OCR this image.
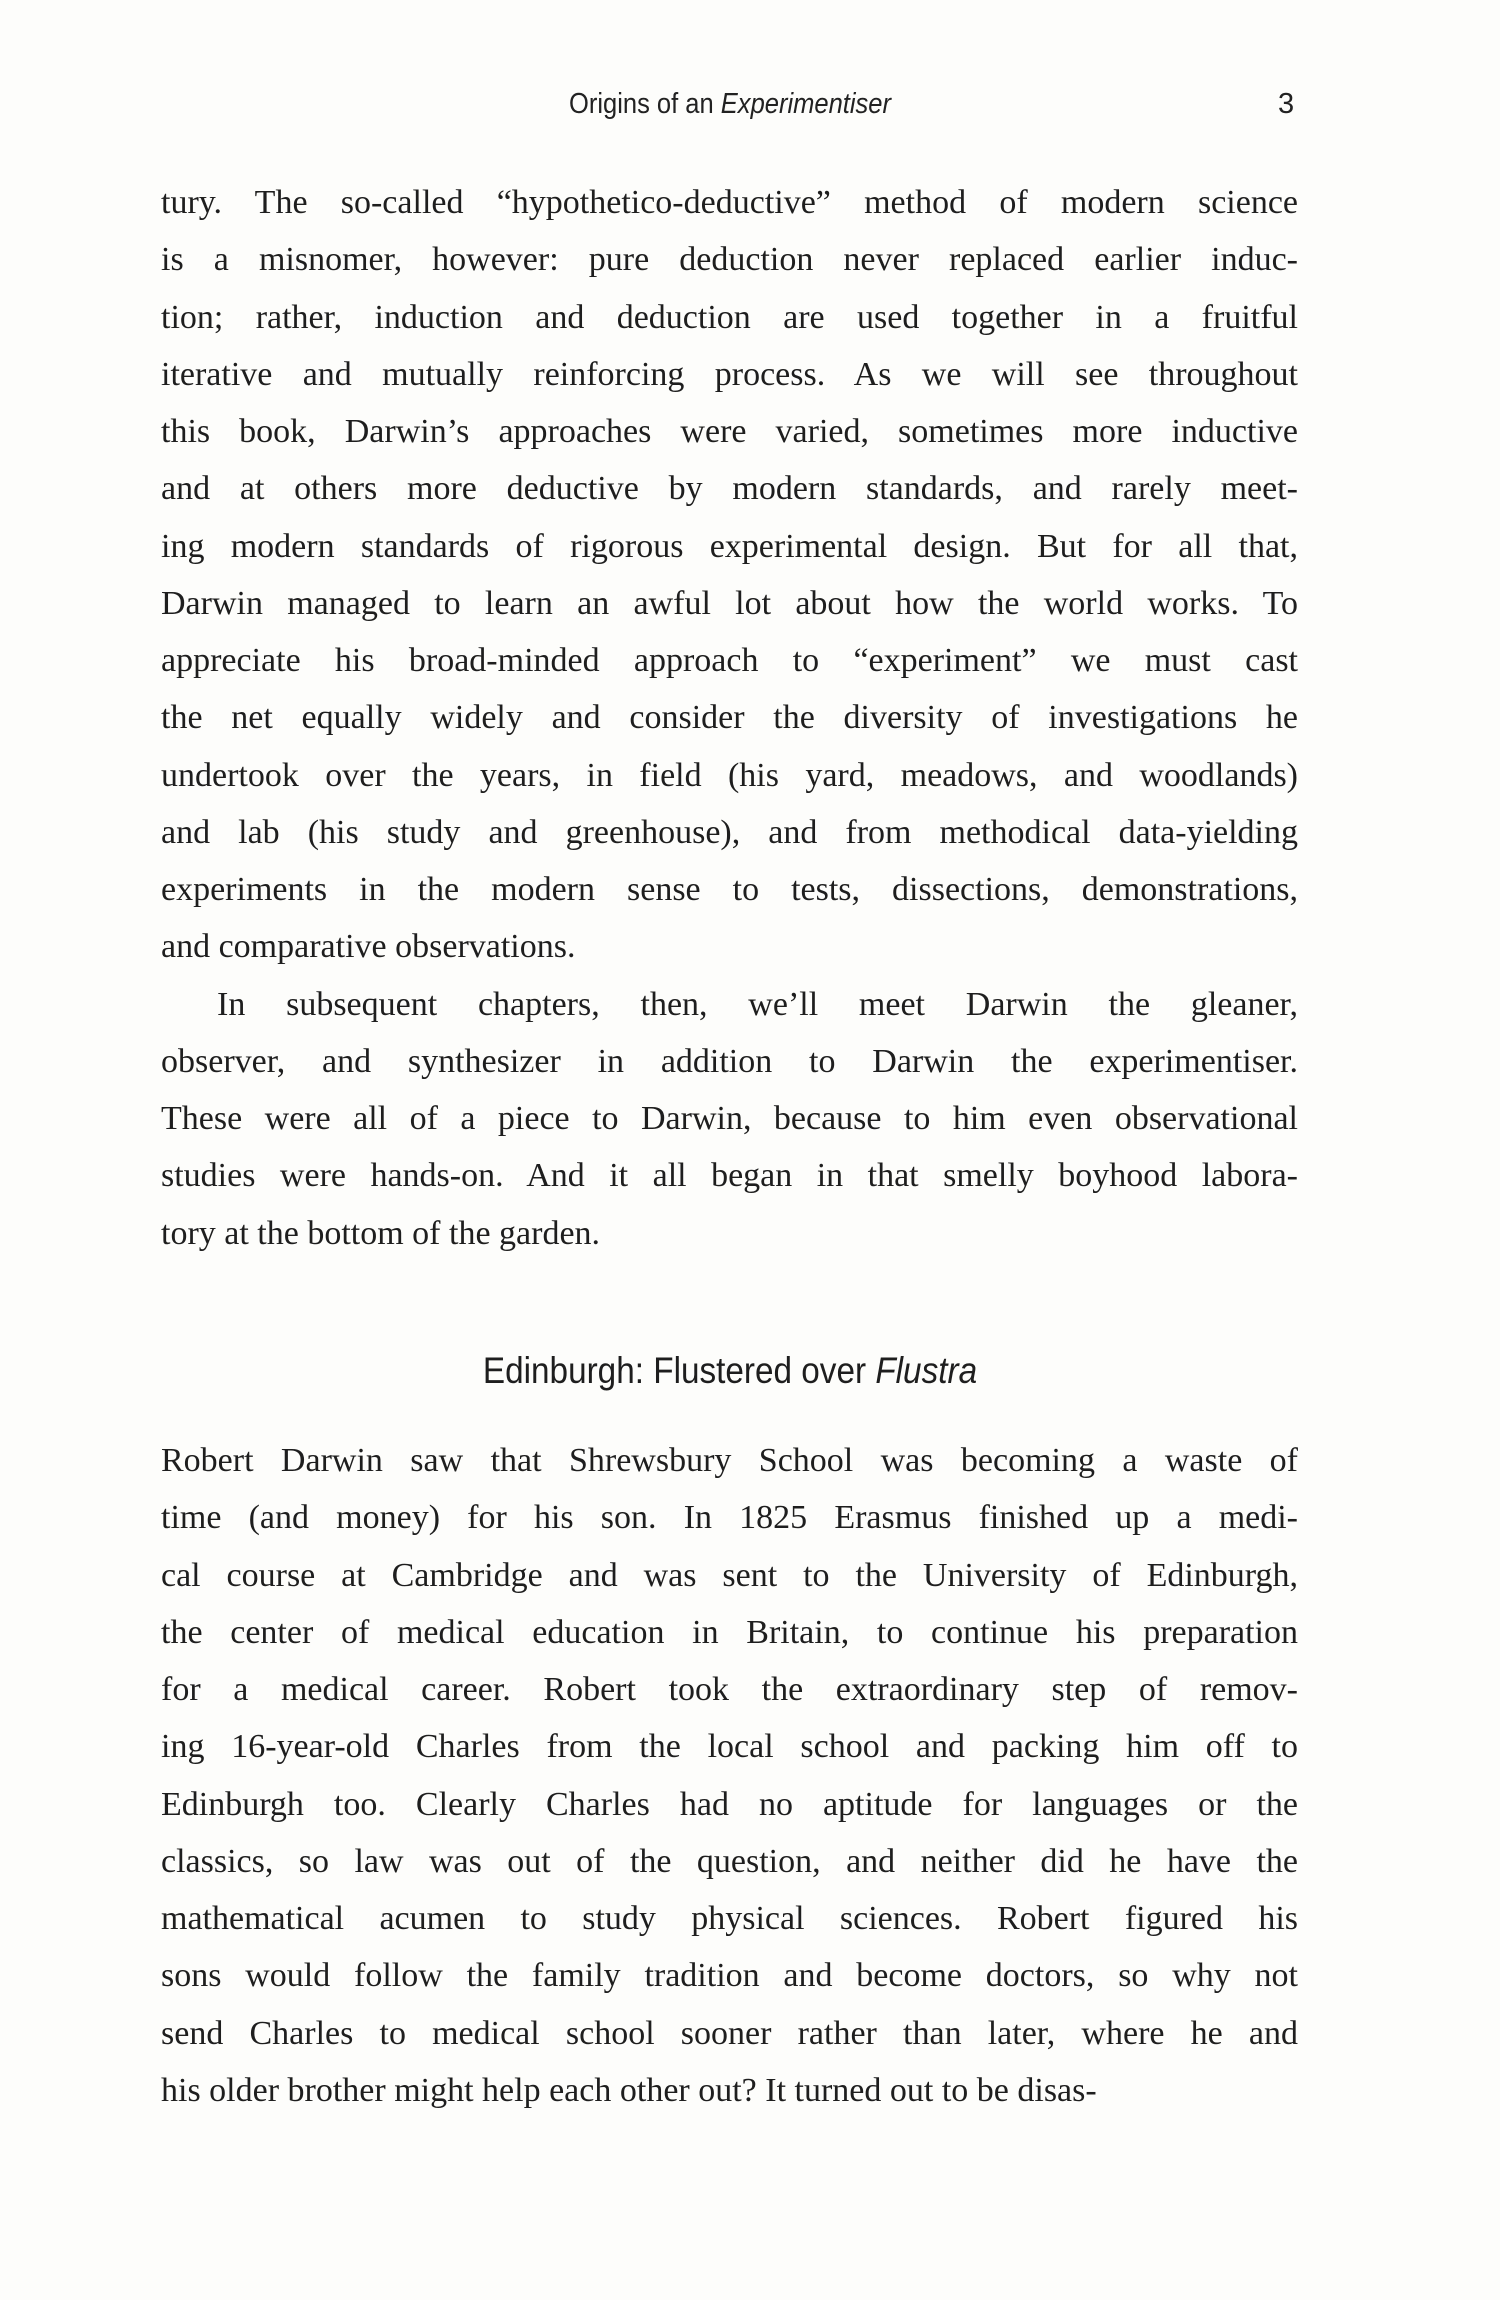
Origins of an Experimentiser	3
tury. The so-called “hypothetico-deductive” method of modern science
is a misnomer, however: pure deduction never replaced earlier induc-
tion; rather, induction and deduction are used together in a fruitful
iterative and mutually reinforcing process. As we will see throughout
this book, Darwin’s approaches were varied, sometimes more inductive
and at others more deductive by modern standards, and rarely meet-
ing modern standards of rigorous experimental design. But for all that,
Darwin managed to learn an awful lot about how the world works. To
appreciate his broad-minded approach to “experiment” we must cast
the net equally widely and consider the diversity of investigations he
undertook over the years, in field (his yard, meadows, and woodlands)
and lab (his study and greenhouse), and from methodical data-yielding
experiments in the modern sense to tests, dissections, demonstrations,
and comparative observations.
In subsequent chapters, then, we’ll meet Darwin the gleaner,
observer, and synthesizer in addition to Darwin the experimentiser.
These were all of a piece to Darwin, because to him even observational
studies were hands-on. And it all began in that smelly boyhood labora-
tory at the bottom of the garden.
Edinburgh: Flustered over Flustra
Robert Darwin saw that Shrewsbury School was becoming a waste of
time (and money) for his son. In 1825 Erasmus finished up a medi-
cal course at Cambridge and was sent to the University of Edinburgh,
the center of medical education in Britain, to continue his preparation
for a medical career. Robert took the extraordinary step of remov-
ing 16-year-old Charles from the local school and packing him off to
Edinburgh too. Clearly Charles had no aptitude for languages or the
classics, so law was out of the question, and neither did he have the
mathematical acumen to study physical sciences. Robert figured his
sons would follow the family tradition and become doctors, so why not
send Charles to medical school sooner rather than later, where he and
his older brother might help each other out? It turned out to be disas-
